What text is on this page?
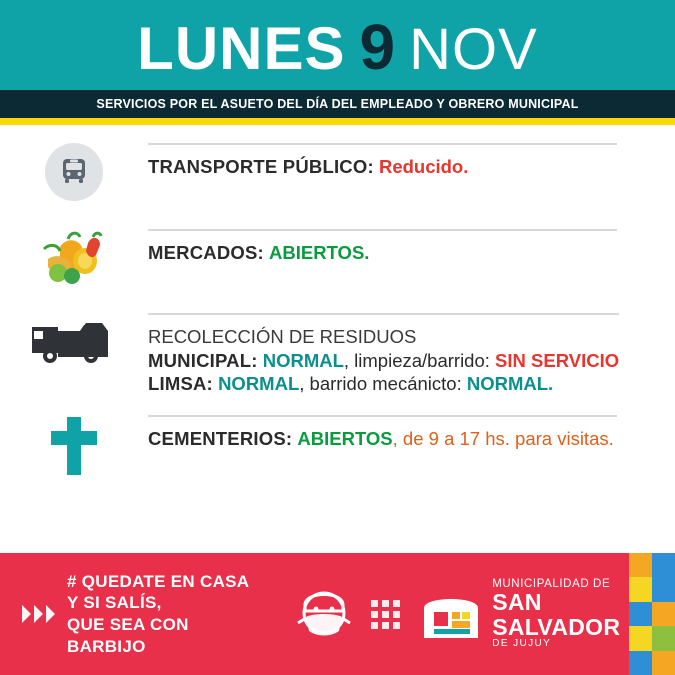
LUNES 9 NOV
SERVICIOS POR EL ASUETO DEL DÍA DEL EMPLEADO Y OBRERO MUNICIPAL
TRANSPORTE PÚBLICO: Reducido.
MERCADOS: ABIERTOS.
RECOLECCIÓN DE RESIDUOS
MUNICIPAL: NORMAL, limpieza/barrido: SIN SERVICIO
LIMSA: NORMAL, barrido mecánicto: NORMAL.
CEMENTERIOS: ABIERTOS, de 9 a 17 hs. para visitas.
# QUEDATE EN CASA
Y SI SALÍS,
QUE SEA CON BARBIJO
MUNICIPALIDAD DE
SAN SALVADOR
DE JUJUY
